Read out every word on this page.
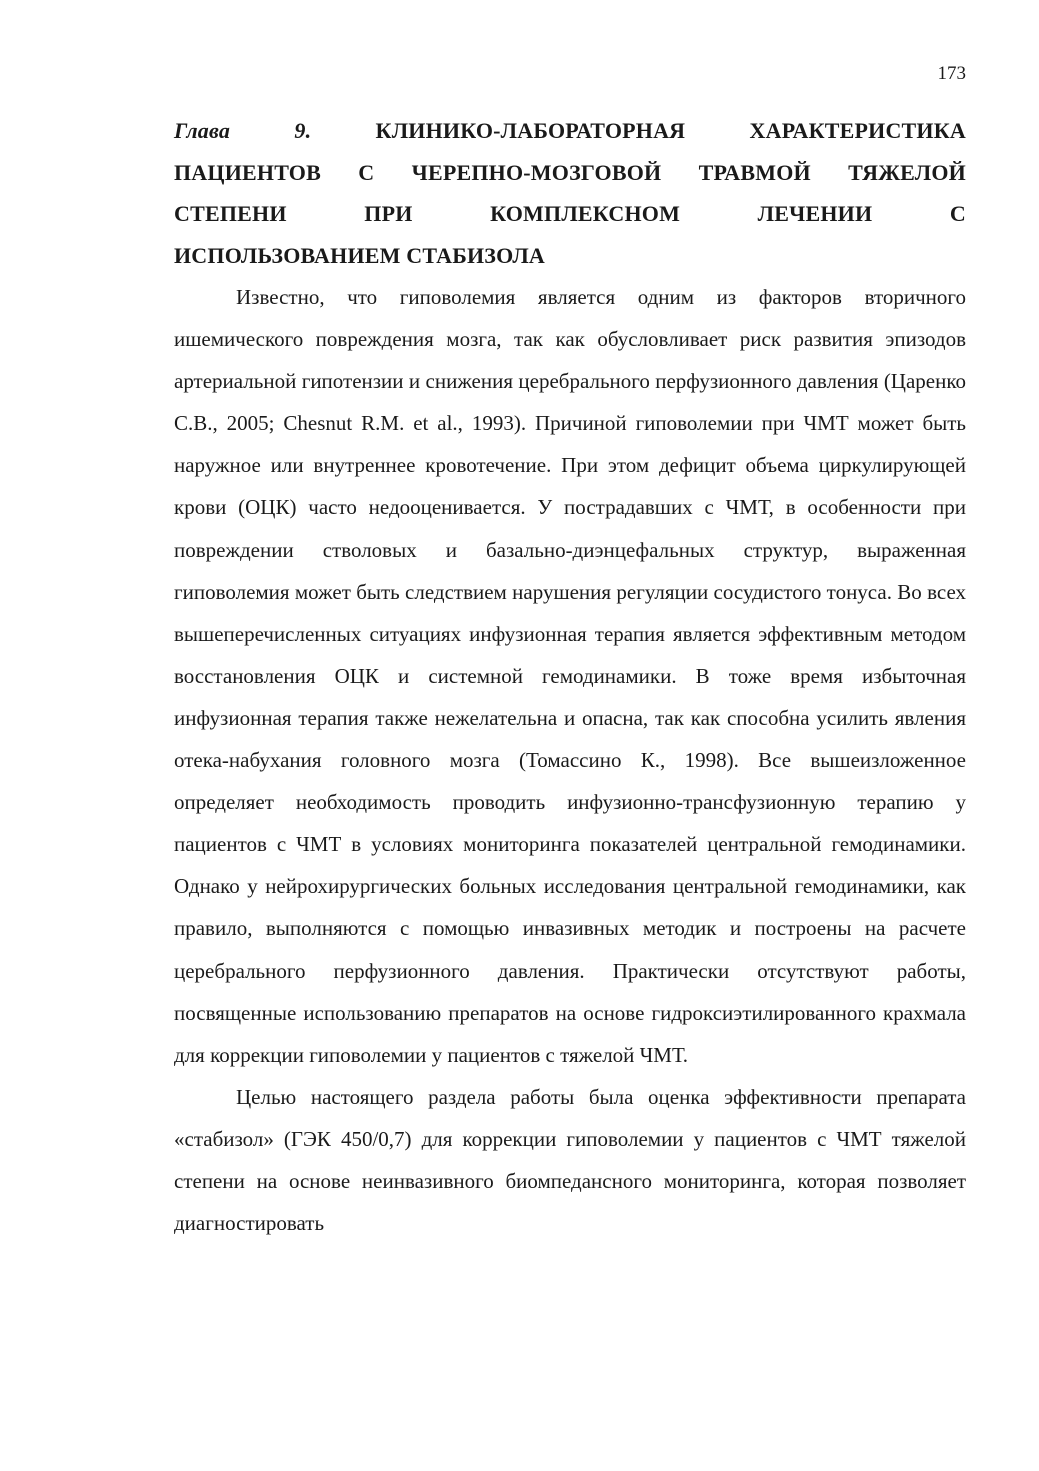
173
Глава 9.	КЛИНИКО-ЛАБОРАТОРНАЯ ХАРАКТЕРИСТИКА
ПАЦИЕНТОВ С ЧЕРЕПНО-МОЗГОВОЙ ТРАВМОЙ ТЯЖЕЛОЙ
СТЕПЕНИ ПРИ КОМПЛЕКСНОМ ЛЕЧЕНИИ С
ИСПОЛЬЗОВАНИЕМ СТАБИЗОЛА

Известно, что гиповолемия является одним из факторов вторичного ишемического повреждения мозга, так как обусловливает риск развития эпизодов артериальной гипотензии и снижения церебрального перфузионного давления (Царенко С.В., 2005; Chesnut R.M. et al., 1993). Причиной гиповолемии при ЧМТ может быть наружное или внутреннее кровотечение. При этом дефицит объема циркулирующей крови (ОЦК) часто недооценивается. У пострадавших с ЧМТ, в особенности при повреждении стволовых и базально-диэнцефальных структур, выраженная гиповолемия может быть следствием нарушения регуляции сосудистого тонуса. Во всех вышеперечисленных ситуациях инфузионная терапия является эффективным методом восстановления ОЦК и системной гемодинамики. В тоже время избыточная инфузионная терапия также нежелательна и опасна, так как способна усилить явления отека-набухания головного мозга (Томассино К., 1998). Все вышеизложенное определяет необходимость проводить инфузионно-трансфузионную терапию у пациентов с ЧМТ в условиях мониторинга показателей центральной гемодинамики. Однако у нейрохирургических больных исследования центральной гемодинамики, как правило, выполняются с помощью инвазивных методик и построены на расчете церебрального перфузионного давления. Практически отсутствуют работы, посвященные использованию препаратов на основе гидроксиэтилированного крахмала для коррекции гиповолемии у пациентов с тяжелой ЧМТ.

Целью настоящего раздела работы была оценка эффективности препарата «стабизол» (ГЭК 450/0,7) для коррекции гиповолемии у пациентов с ЧМТ тяжелой степени на основе неинвазивного биомпедансного мониторинга, которая позволяет диагностировать
